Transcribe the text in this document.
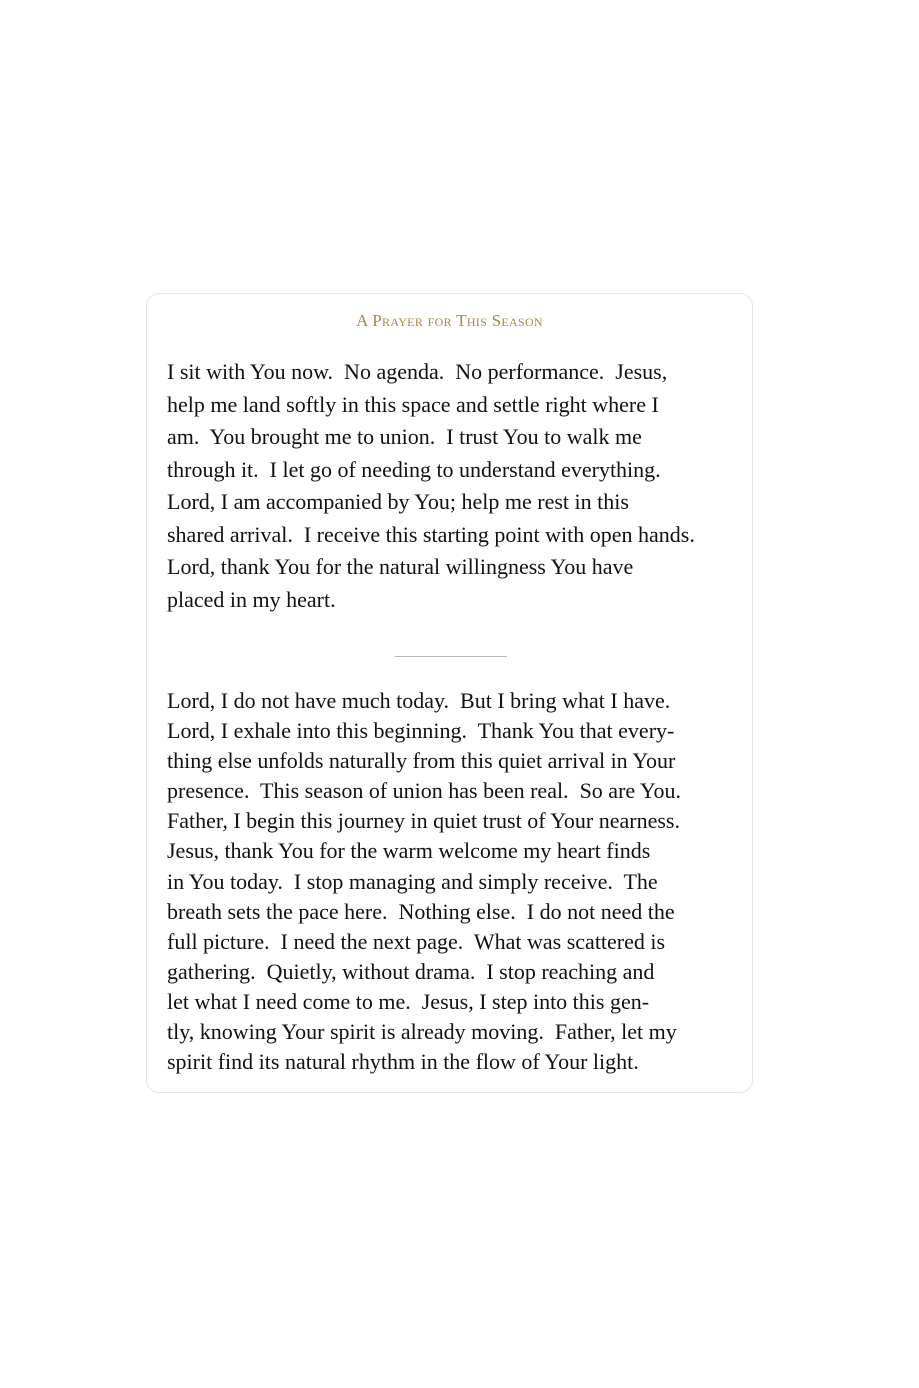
A Prayer for This Season
I sit with You now.  No agenda.  No performance.  Jesus,
help me land softly in this space and settle right where I
am.  You brought me to union.  I trust You to walk me
through it.  I let go of needing to understand everything.
Lord, I am accompanied by You; help me rest in this
shared arrival.  I receive this starting point with open hands.
Lord, thank You for the natural willingness You have
placed in my heart.
Lord, I do not have much today.  But I bring what I have.
Lord, I exhale into this beginning.  Thank You that every-
thing else unfolds naturally from this quiet arrival in Your
presence.  This season of union has been real.  So are You.
Father, I begin this journey in quiet trust of Your nearness.
Jesus, thank You for the warm welcome my heart finds
in You today.  I stop managing and simply receive.  The
breath sets the pace here.  Nothing else.  I do not need the
full picture.  I need the next page.  What was scattered is
gathering.  Quietly, without drama.  I stop reaching and
let what I need come to me.  Jesus, I step into this gen-
tly, knowing Your spirit is already moving.  Father, let my
spirit find its natural rhythm in the flow of Your light.
